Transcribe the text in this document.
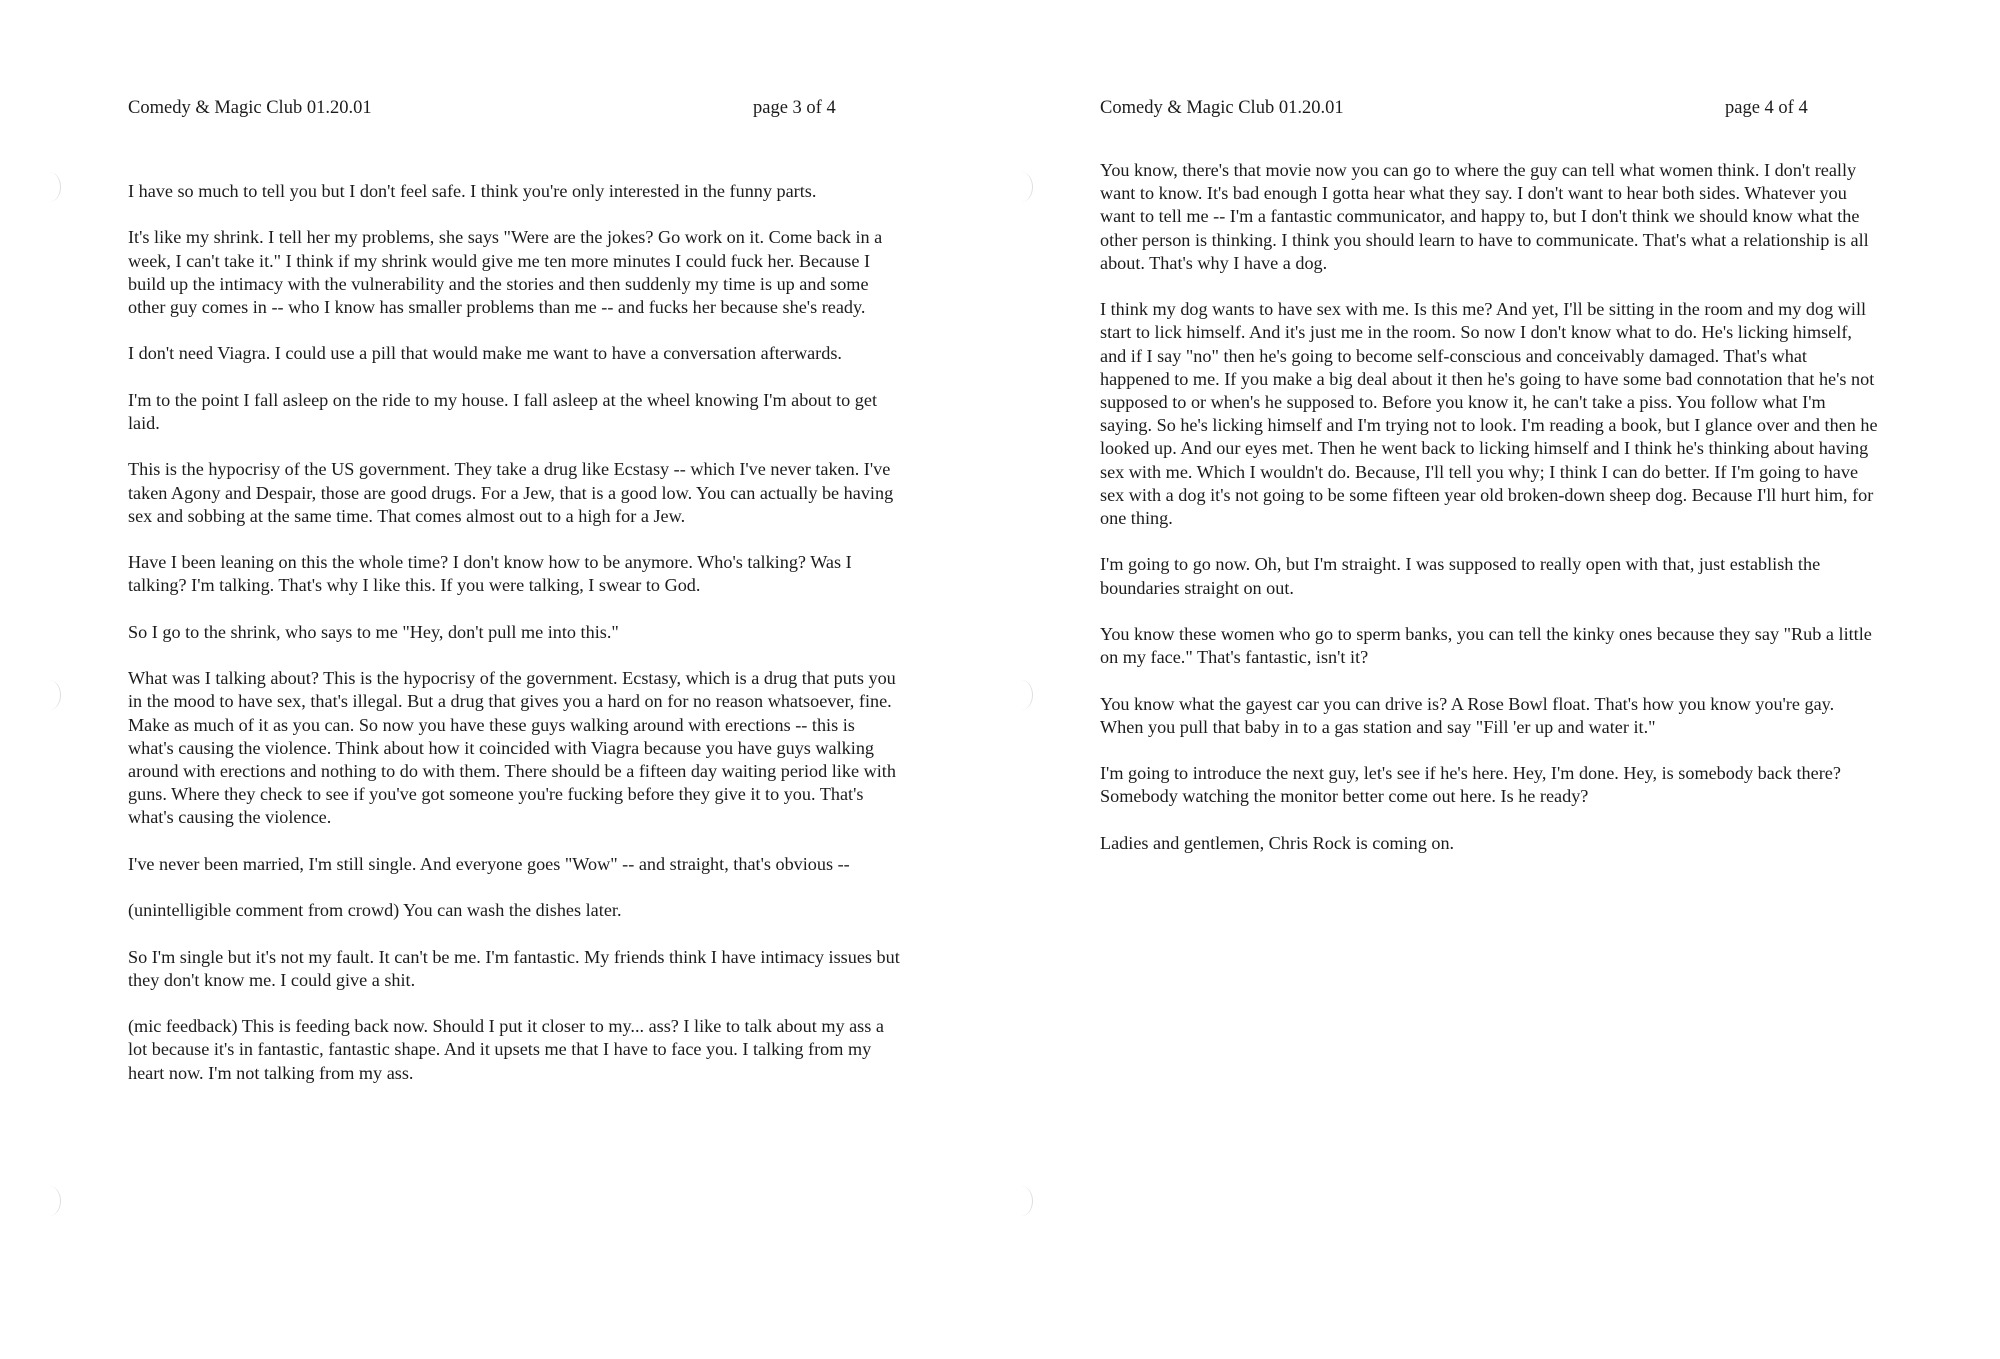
Comedy & Magic Club 01.20.01	page 3 of 4

I have so much to tell you but I don't feel safe. I think you're only interested in the funny parts.

It's like my shrink. I tell her my problems, she says "Were are the jokes? Go work on it. Come back in a week, I can't take it." I think if my shrink would give me ten more minutes I could fuck her. Because I build up the intimacy with the vulnerability and the stories and then suddenly my time is up and some other guy comes in -- who I know has smaller problems than me -- and fucks her because she's ready.

I don't need Viagra. I could use a pill that would make me want to have a conversation afterwards.

I'm to the point I fall asleep on the ride to my house. I fall asleep at the wheel knowing I'm about to get laid.

This is the hypocrisy of the US government. They take a drug like Ecstasy -- which I've never taken. I've taken Agony and Despair, those are good drugs. For a Jew, that is a good low. You can actually be having sex and sobbing at the same time. That comes almost out to a high for a Jew.

Have I been leaning on this the whole time? I don't know how to be anymore. Who's talking? Was I talking? I'm talking. That's why I like this. If you were talking, I swear to God.

So I go to the shrink, who says to me "Hey, don't pull me into this."

What was I talking about? This is the hypocrisy of the government. Ecstasy, which is a drug that puts you in the mood to have sex, that's illegal. But a drug that gives you a hard on for no reason whatsoever, fine. Make as much of it as you can. So now you have these guys walking around with erections -- this is what's causing the violence. Think about how it coincided with Viagra because you have guys walking around with erections and nothing to do with them. There should be a fifteen day waiting period like with guns. Where they check to see if you've got someone you're fucking before they give it to you. That's what's causing the violence.

I've never been married, I'm still single. And everyone goes "Wow" -- and straight, that's obvious --

(unintelligible comment from crowd) You can wash the dishes later.

So I'm single but it's not my fault. It can't be me. I'm fantastic. My friends think I have intimacy issues but they don't know me. I could give a shit.

(mic feedback) This is feeding back now. Should I put it closer to my... ass? I like to talk about my ass a lot because it's in fantastic, fantastic shape. And it upsets me that I have to face you. I talking from my heart now. I'm not talking from my ass.

Comedy & Magic Club 01.20.01	page 4 of 4

You know, there's that movie now you can go to where the guy can tell what women think. I don't really want to know. It's bad enough I gotta hear what they say. I don't want to hear both sides. Whatever you want to tell me -- I'm a fantastic communicator, and happy to, but I don't think we should know what the other person is thinking. I think you should learn to have to communicate. That's what a relationship is all about. That's why I have a dog.

I think my dog wants to have sex with me. Is this me? And yet, I'll be sitting in the room and my dog will start to lick himself. And it's just me in the room. So now I don't know what to do. He's licking himself, and if I say "no" then he's going to become self-conscious and conceivably damaged. That's what happened to me. If you make a big deal about it then he's going to have some bad connotation that he's not supposed to or when's he supposed to. Before you know it, he can't take a piss. You follow what I'm saying. So he's licking himself and I'm trying not to look. I'm reading a book, but I glance over and then he looked up. And our eyes met. Then he went back to licking himself and I think he's thinking about having sex with me. Which I wouldn't do. Because, I'll tell you why; I think I can do better. If I'm going to have sex with a dog it's not going to be some fifteen year old broken-down sheep dog. Because I'll hurt him, for one thing.

I'm going to go now. Oh, but I'm straight. I was supposed to really open with that, just establish the boundaries straight on out.

You know these women who go to sperm banks, you can tell the kinky ones because they say "Rub a little on my face." That's fantastic, isn't it?

You know what the gayest car you can drive is? A Rose Bowl float. That's how you know you're gay. When you pull that baby in to a gas station and say "Fill 'er up and water it."

I'm going to introduce the next guy, let's see if he's here. Hey, I'm done. Hey, is somebody back there? Somebody watching the monitor better come out here. Is he ready?

Ladies and gentlemen, Chris Rock is coming on.
